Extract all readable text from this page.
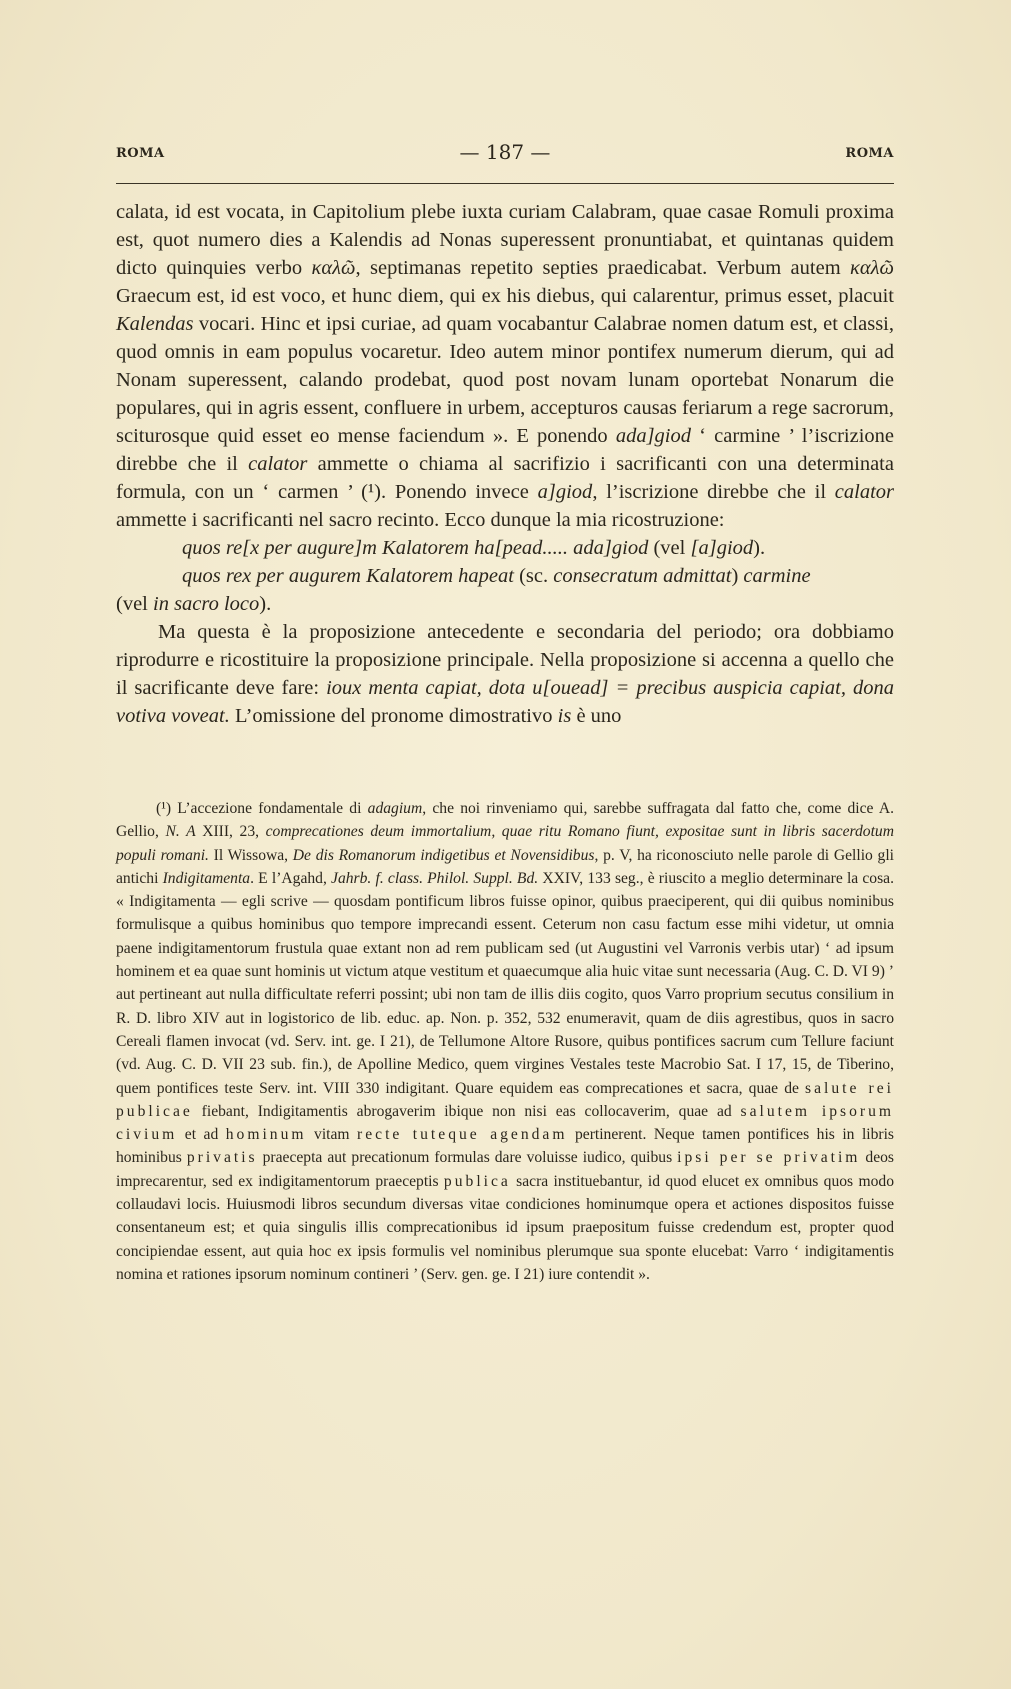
ROMA	— 187 —	ROMA

calata, id est vocata, in Capitolium plebe iuxta curiam Calabram, quae casae Romuli proxima est, quot numero dies a Kalendis ad Nonas superessent pronuntiabat, et quintanas quidem dicto quinquies verbo καλῶ, septimanas repetito septies praedicabat. Verbum autem καλῶ Graecum est, id est voco, et hunc diem, qui ex his diebus, qui calarentur, primus esset, placuit Kalendas vocari. Hinc et ipsi curiae, ad quam vocabantur Calabrae nomen datum est, et classi, quod omnis in eam populus vocaretur. Ideo autem minor pontifex numerum dierum, qui ad Nonam superessent, calando prodebat, quod post novam lunam oportebat Nonarum die populares, qui in agris essent, confluere in urbem, accepturos causas feriarum a rege sacrorum, sciturosque quid esset eo mense faciendum ». E ponendo ada]giod ‘ carmine ’ l’iscrizione direbbe che il calator ammette o chiama al sacrifizio i sacrificanti con una determinata formula, con un ‘ carmen ’ (¹). Ponendo invece a]giod, l’iscrizione direbbe che il calator ammette i sacrificanti nel sacro recinto. Ecco dunque la mia ricostruzione:

quos re[x per augure]m Kalatorem ha[pead..... ada]giod (vel [a]giod).

quos rex per augurem Kalatorem hapeat (sc. consecratum admittat) carmine

(vel in sacro loco).

Ma questa è la proposizione antecedente e secondaria del periodo; ora dobbiamo riprodurre e ricostituire la proposizione principale. Nella proposizione si accenna a quello che il sacrificante deve fare: ioux menta capiat, dota u[ouead] = precibus auspicia capiat, dona votiva voveat. L’omissione del pronome dimostrativo is è uno

(¹) L’accezione fondamentale di adagium, che noi rinveniamo qui, sarebbe suffragata dal fatto che, come dice A. Gellio, N. A XIII, 23, comprecationes deum immortalium, quae ritu Romano fiunt, expositae sunt in libris sacerdotum populi romani. Il Wissowa, De dis Romanorum indigetibus et Novensidibus, p. V, ha riconosciuto nelle parole di Gellio gli antichi Indigitamenta. E l’Agahd, Jahrb. f. class. Philol. Suppl. Bd. XXIV, 133 seg., è riuscito a meglio determinare la cosa. « Indigitamenta — egli scrive — quosdam pontificum libros fuisse opinor, quibus praeciperent, qui dii quibus nominibus formulisque a quibus hominibus quo tempore imprecandi essent. Ceterum non casu factum esse mihi videtur, ut omnia paene indigitamentorum frustula quae extant non ad rem publicam sed (ut Augustini vel Varronis verbis utar) ‘ ad ipsum hominem et ea quae sunt hominis ut victum atque vestitum et quaecumque alia huic vitae sunt necessaria (Aug. C. D. VI 9) ’ aut pertineant aut nulla difficultate referri possint; ubi non tam de illis diis cogito, quos Varro proprium secutus consilium in R. D. libro XIV aut in logistorico de lib. educ. ap. Non. p. 352, 532 enumeravit, quam de diis agrestibus, quos in sacro Cereali flamen invocat (vd. Serv. int. ge. I 21), de Tellumone Altore Rusore, quibus pontifices sacrum cum Tellure faciunt (vd. Aug. C. D. VII 23 sub. fin.), de Apolline Medico, quem virgines Vestales teste Macrobio Sat. I 17, 15, de Tiberino, quem pontifices teste Serv. int. VIII 330 indigitant. Quare equidem eas comprecationes et sacra, quae de salute rei publicae fiebant, Indigitamentis abrogaverim ibique non nisi eas collocaverim, quae ad salutem ipsorum civium et ad hominum vitam recte tuteque agendam pertinerent. Neque tamen pontifices his in libris hominibus privatis praecepta aut precationum formulas dare voluisse iudico, quibus ipsi per se privatim deos imprecarentur, sed ex indigitamentorum praeceptis publica sacra instituebantur, id quod elucet ex omnibus quos modo collaudavi locis. Huiusmodi libros secundum diversas vitae condiciones hominumque opera et actiones dispositos fuisse consentaneum est; et quia singulis illis comprecationibus id ipsum praepositum fuisse credendum est, propter quod concipiendae essent, aut quia hoc ex ipsis formulis vel nominibus plerumque sua sponte elucebat: Varro ‘ indigitamentis nomina et rationes ipsorum nominum contineri ’ (Serv. gen. ge. I 21) iure contendit ».
